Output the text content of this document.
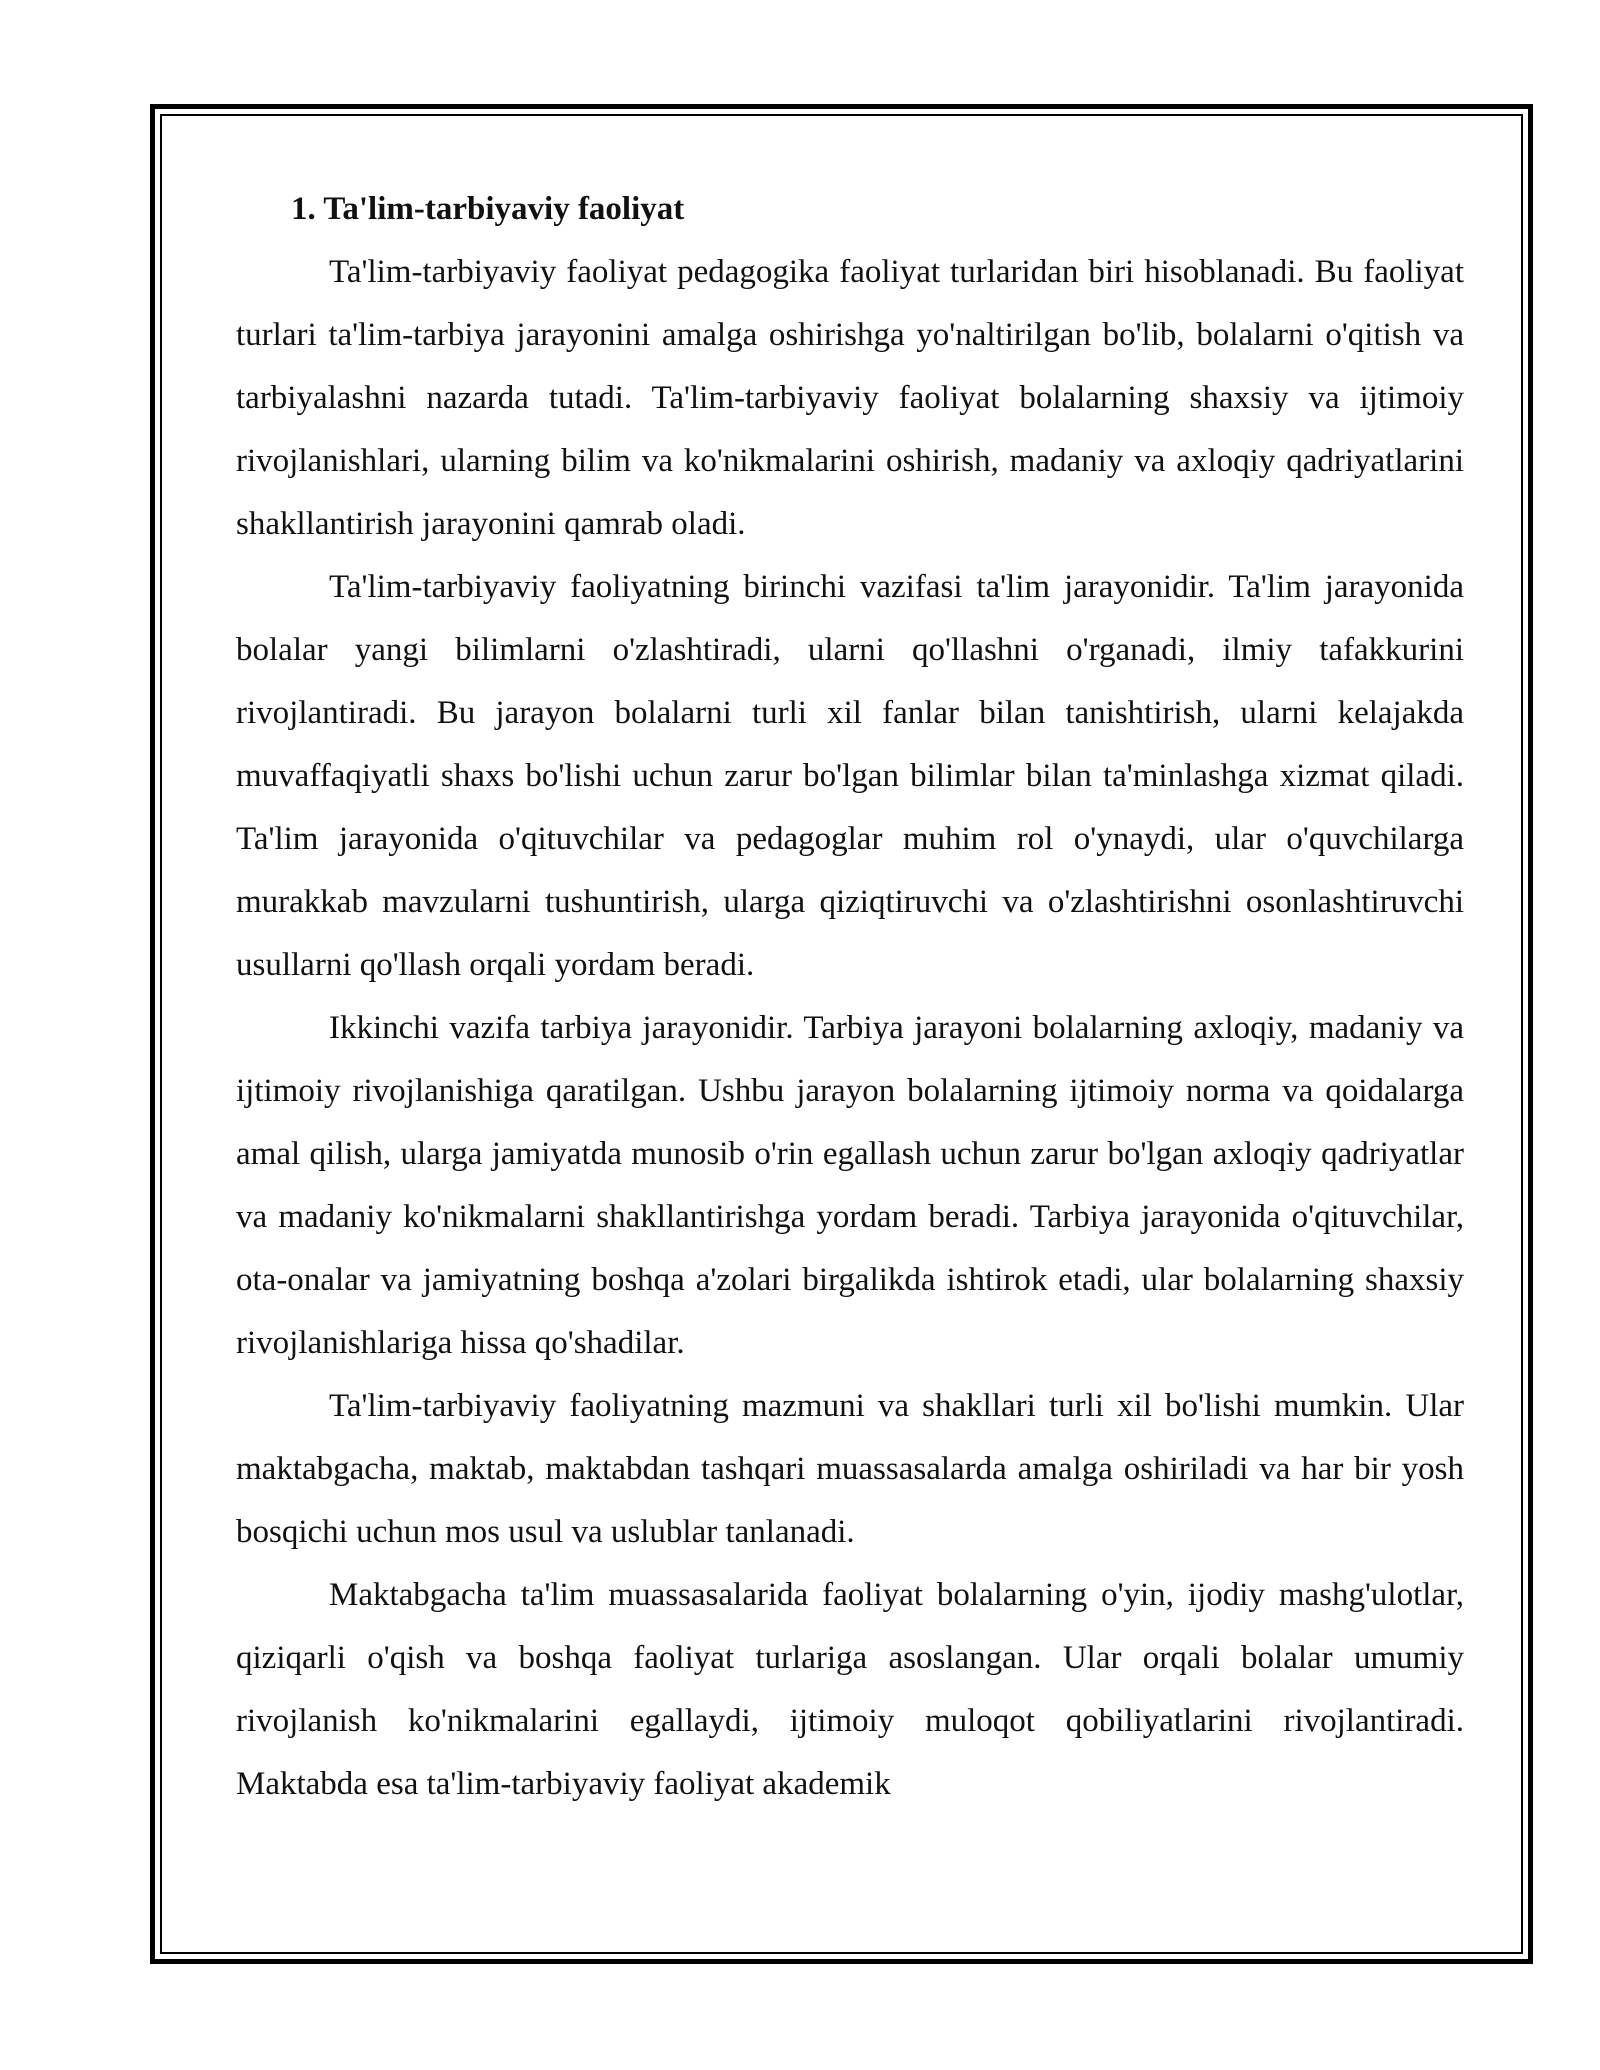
1. Ta'lim-tarbiyaviy faoliyat

Ta'lim-tarbiyaviy faoliyat pedagogika faoliyat turlaridan biri hisoblanadi. Bu faoliyat turlari ta'lim-tarbiya jarayonini amalga oshirishga yo'naltirilgan bo'lib, bolalarni o'qitish va tarbiyalashni nazarda tutadi. Ta'lim-tarbiyaviy faoliyat bolalarning shaxsiy va ijtimoiy rivojlanishlari, ularning bilim va ko'nikmalarini oshirish, madaniy va axloqiy qadriyatlarini shakllantirish jarayonini qamrab oladi.

Ta'lim-tarbiyaviy faoliyatning birinchi vazifasi ta'lim jarayonidir. Ta'lim jarayonida bolalar yangi bilimlarni o'zlashtiradi, ularni qo'llashni o'rganadi, ilmiy tafakkurini rivojlantiradi. Bu jarayon bolalarni turli xil fanlar bilan tanishtirish, ularni kelajakda muvaffaqiyatli shaxs bo'lishi uchun zarur bo'lgan bilimlar bilan ta'minlashga xizmat qiladi. Ta'lim jarayonida o'qituvchilar va pedagoglar muhim rol o'ynaydi, ular o'quvchilarga murakkab mavzularni tushuntirish, ularga qiziqtiruvchi va o'zlashtirishni osonlashtiruvchi usullarni qo'llash orqali yordam beradi.

Ikkinchi vazifa tarbiya jarayonidir. Tarbiya jarayoni bolalarning axloqiy, madaniy va ijtimoiy rivojlanishiga qaratilgan. Ushbu jarayon bolalarning ijtimoiy norma va qoidalarga amal qilish, ularga jamiyatda munosib o'rin egallash uchun zarur bo'lgan axloqiy qadriyatlar va madaniy ko'nikmalarni shakllantirishga yordam beradi. Tarbiya jarayonida o'qituvchilar, ota-onalar va jamiyatning boshqa a'zolari birgalikda ishtirok etadi, ular bolalarning shaxsiy rivojlanishlariga hissa qo'shadilar.

Ta'lim-tarbiyaviy faoliyatning mazmuni va shakllari turli xil bo'lishi mumkin. Ular maktabgacha, maktab, maktabdan tashqari muassasalarda amalga oshiriladi va har bir yosh bosqichi uchun mos usul va uslublar tanlanadi.

Maktabgacha ta'lim muassasalarida faoliyat bolalarning o'yin, ijodiy mashg'ulotlar, qiziqarli o'qish va boshqa faoliyat turlariga asoslangan. Ular orqali bolalar umumiy rivojlanish ko'nikmalarini egallaydi, ijtimoiy muloqot qobiliyatlarini rivojlantiradi. Maktabda esa ta'lim-tarbiyaviy faoliyat akademik
